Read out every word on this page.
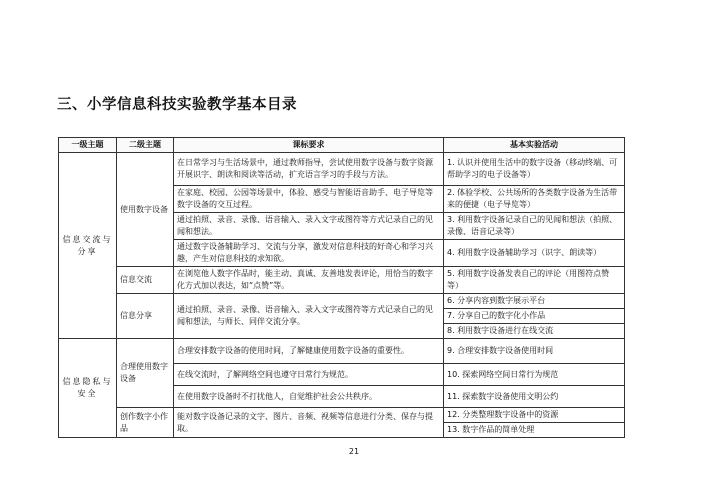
三、小学信息科技实验教学基本目录
一级主题	二级主题	课标要求	基本实验活动
信息交流与分享	使用数字设备	在日常学习与生活场景中，通过教师指导，尝试使用数字设备与数字资源开展识字、朗读和阅读等活动，扩充语言学习的手段与方法。	1. 认识并使用生活中的数字设备（移动终端、可帮助学习的电子设备等）
		在家庭、校园、公园等场景中，体验、感受与智能语音助手、电子导览等数字设备的交互过程。	2. 体验学校、公共场所的各类数字设备为生活带来的便捷（电子导览等）
		通过拍照、录音、录像、语音输入、录入文字或图符等方式记录自己的见闻和想法。	3. 利用数字设备记录自己的见闻和想法（拍照、录像、语音记录等）
		通过数字设备辅助学习、交流与分享，激发对信息科技的好奇心和学习兴趣，产生对信息科技的求知欲。	4. 利用数字设备辅助学习（识字、朗读等）
	信息交流	在浏览他人数字作品时，能主动、真诚、友善地发表评论，用恰当的数字化方式加以表达，如“点赞”等。	5. 利用数字设备发表自己的评论（用图符点赞等）
	信息分享	通过拍照、录音、录像、语音输入、录入文字或图符等方式记录自己的见闻和想法，与师长、同伴交流分享。	6. 分享内容到数字展示平台
			7. 分享自己的数字化小作品
			8. 利用数字设备进行在线交流
信息隐私与安全	合理使用数字设备	合理安排数字设备的使用时间，了解健康使用数字设备的重要性。	9. 合理安排数字设备使用时间
		在线交流时，了解网络空间也遵守日常行为规范。	10. 探索网络空间日常行为规范
		在使用数字设备时不打扰他人，自觉维护社会公共秩序。	11. 探索数字设备使用文明公约
	创作数字小作品	能对数字设备记录的文字、图片、音频、视频等信息进行分类、保存与提取。	12. 分类整理数字设备中的资源
			13. 数字作品的简单处理
21
